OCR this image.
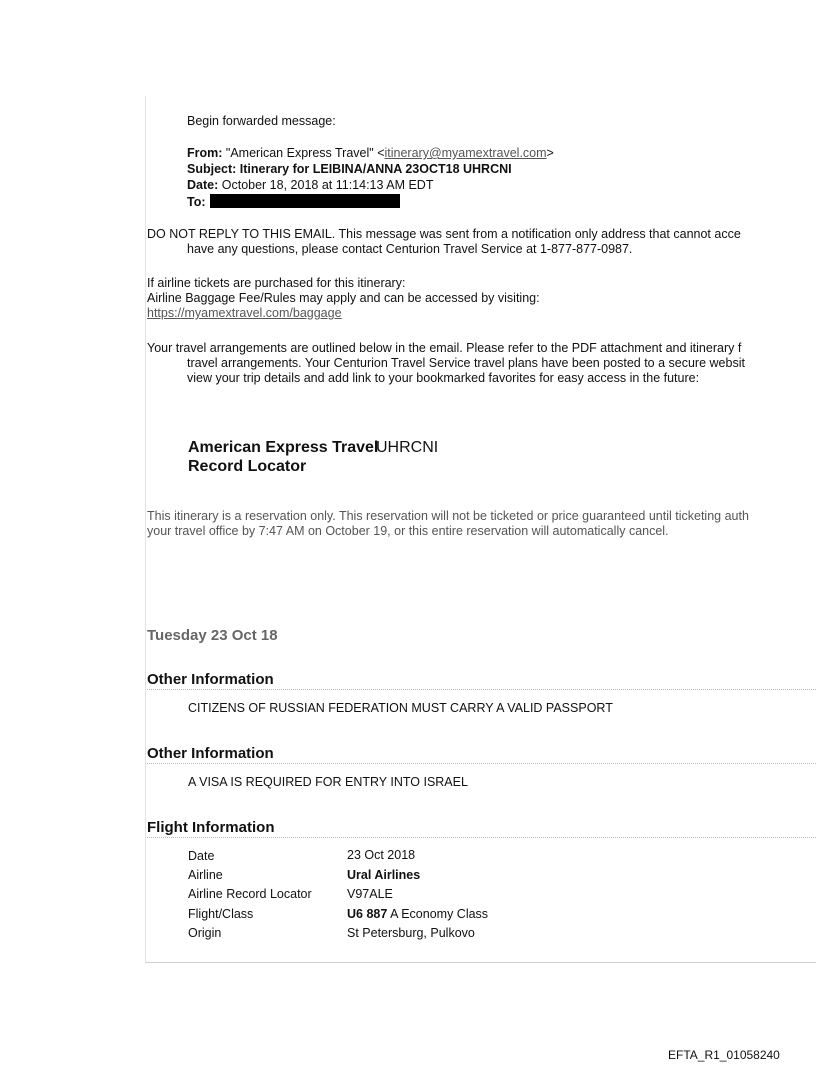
Begin forwarded message:
From: "American Express Travel" <itinerary@myamextravel.com>
Subject: Itinerary for LEIBINA/ANNA 23OCT18 UHRCNI
Date: October 18, 2018 at 11:14:13 AM EDT
To:
DO NOT REPLY TO THIS EMAIL. This message was sent from a notification only address that cannot acce
have any questions, please contact Centurion Travel Service at 1-877-877-0987.
If airline tickets are purchased for this itinerary:
Airline Baggage Fee/Rules may apply and can be accessed by visiting:
https://myamextravel.com/baggage
Your travel arrangements are outlined below in the email. Please refer to the PDF attachment and itinerary f
travel arrangements. Your Centurion Travel Service travel plans have been posted to a secure websit
view your trip details and add link to your bookmarked favorites for easy access in the future:
American Express Travel
Record Locator
UHRCNI
This itinerary is a reservation only. This reservation will not be ticketed or price guaranteed until ticketing auth
your travel office by 7:47 AM on October 19, or this entire reservation will automatically cancel.
Tuesday 23 Oct 18
Other Information
CITIZENS OF RUSSIAN FEDERATION MUST CARRY A VALID PASSPORT
Other Information
A VISA IS REQUIRED FOR ENTRY INTO ISRAEL
Flight Information
Date	23 Oct 2018
Airline	Ural Airlines
Airline Record Locator	V97ALE
Flight/Class	U6 887 A Economy Class
Origin	St Petersburg, Pulkovo
EFTA_R1_01058240
